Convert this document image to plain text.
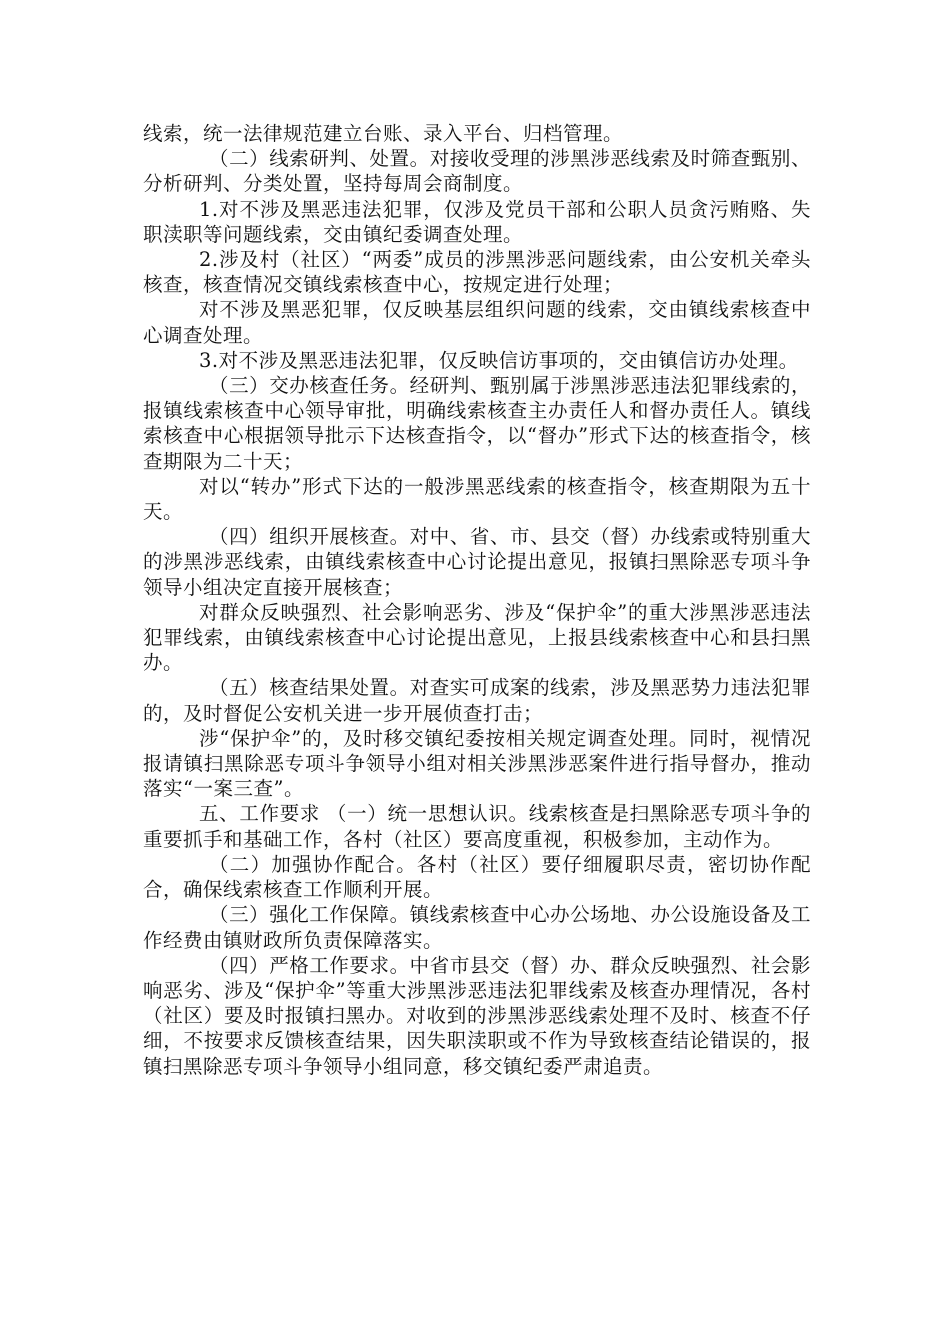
线索，统一法律规范建立台账、录入平台、归档管理。

（二）线索研判、处置。对接收受理的涉黑涉恶线索及时筛查甄别、分析研判、分类处置，坚持每周会商制度。

1.对不涉及黑恶违法犯罪，仅涉及党员干部和公职人员贪污贿赂、失职渎职等问题线索，交由镇纪委调查处理。

2.涉及村（社区）“两委”成员的涉黑涉恶问题线索，由公安机关牵头核查，核查情况交镇线索核查中心，按规定进行处理；

对不涉及黑恶犯罪，仅反映基层组织问题的线索，交由镇线索核查中心调查处理。

3.对不涉及黑恶违法犯罪，仅反映信访事项的，交由镇信访办处理。

（三）交办核查任务。经研判、甄别属于涉黑涉恶违法犯罪线索的，报镇线索核查中心领导审批，明确线索核查主办责任人和督办责任人。镇线索核查中心根据领导批示下达核查指令，以“督办”形式下达的核查指令，核查期限为二十天；

对以“转办”形式下达的一般涉黑恶线索的核查指令，核查期限为五十天。

（四）组织开展核查。对中、省、市、县交（督）办线索或特别重大的涉黑涉恶线索，由镇线索核查中心讨论提出意见，报镇扫黑除恶专项斗争领导小组决定直接开展核查；

对群众反映强烈、社会影响恶劣、涉及“保护伞”的重大涉黑涉恶违法犯罪线索，由镇线索核查中心讨论提出意见，上报县线索核查中心和县扫黑办。

（五）核查结果处置。对查实可成案的线索，涉及黑恶势力违法犯罪的，及时督促公安机关进一步开展侦查打击；

涉“保护伞”的，及时移交镇纪委按相关规定调查处理。同时，视情况报请镇扫黑除恶专项斗争领导小组对相关涉黑涉恶案件进行指导督办，推动落实“一案三查”。

五、工作要求 （一）统一思想认识。线索核查是扫黑除恶专项斗争的重要抓手和基础工作，各村（社区）要高度重视，积极参加，主动作为。

（二）加强协作配合。各村（社区）要仔细履职尽责，密切协作配合，确保线索核查工作顺利开展。

（三）强化工作保障。镇线索核查中心办公场地、办公设施设备及工作经费由镇财政所负责保障落实。

（四）严格工作要求。中省市县交（督）办、群众反映强烈、社会影响恶劣、涉及“保护伞”等重大涉黑涉恶违法犯罪线索及核查办理情况，各村（社区）要及时报镇扫黑办。对收到的涉黑涉恶线索处理不及时、核查不仔细，不按要求反馈核查结果，因失职渎职或不作为导致核查结论错误的，报镇扫黑除恶专项斗争领导小组同意，移交镇纪委严肃追责。
